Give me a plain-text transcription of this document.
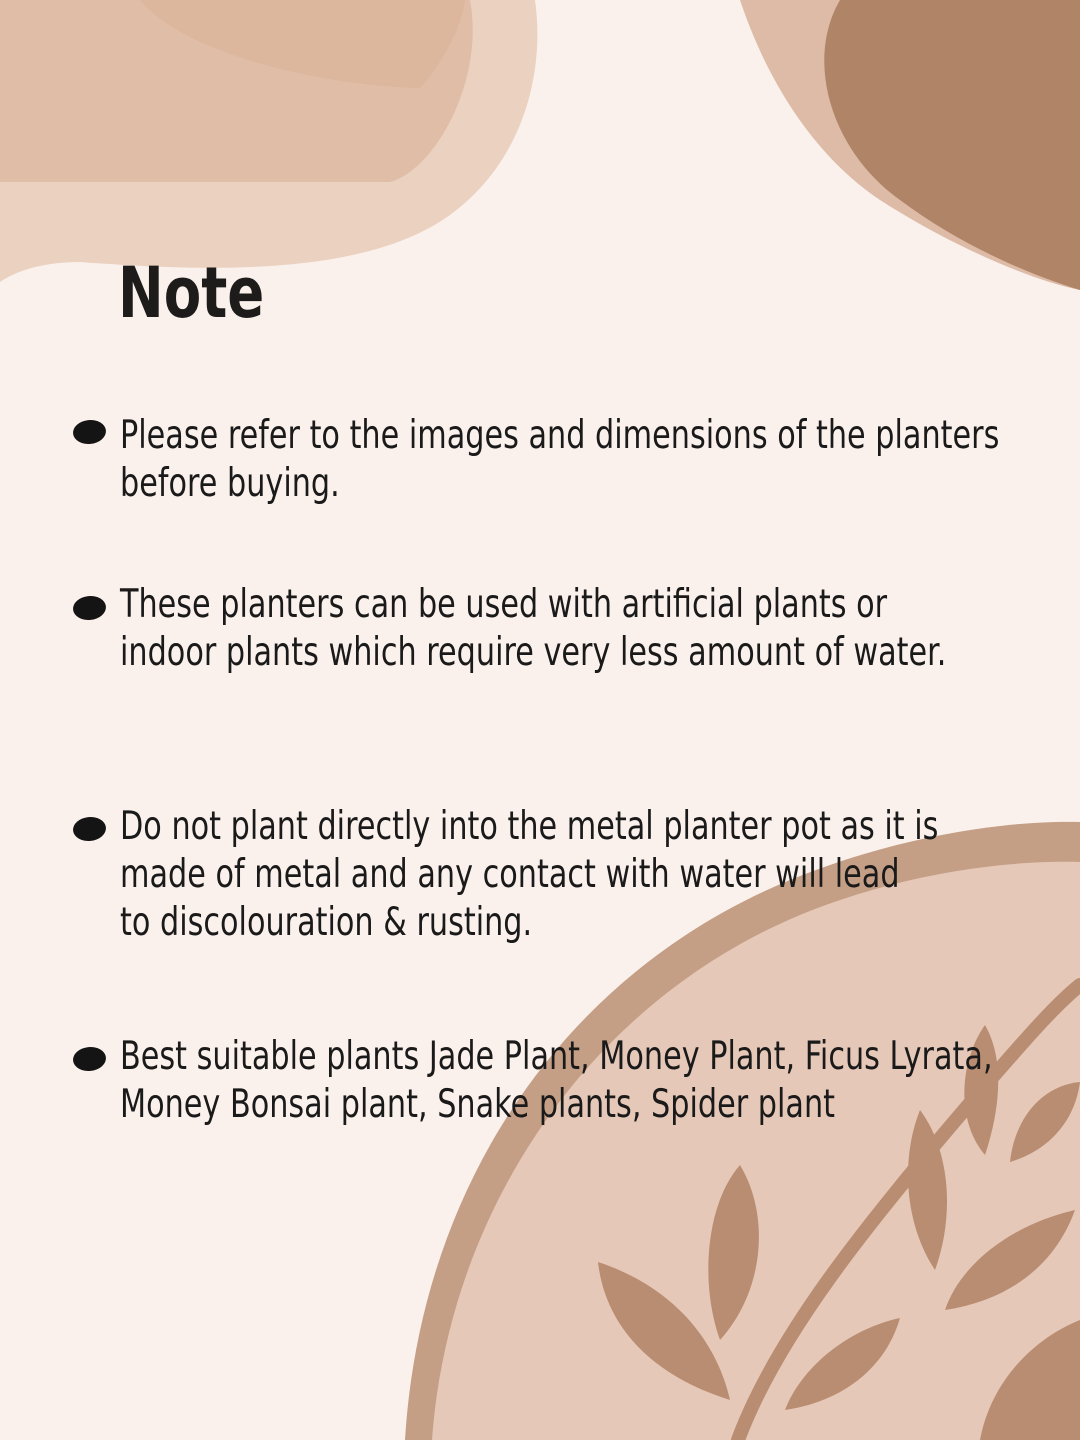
Note

Please refer to the images and dimensions of the planters

before buying.

These planters can be used with artificial plants or

indoor plants which require very less amount of water.

Do not plant directly into the metal planter pot as it is

made of metal and any contact with water will lead

to discolouration & rusting.

Best suitable plants Jade Plant, Money Plant, Ficus Lyrata,

Money Bonsai plant, Snake plants, Spider plant
